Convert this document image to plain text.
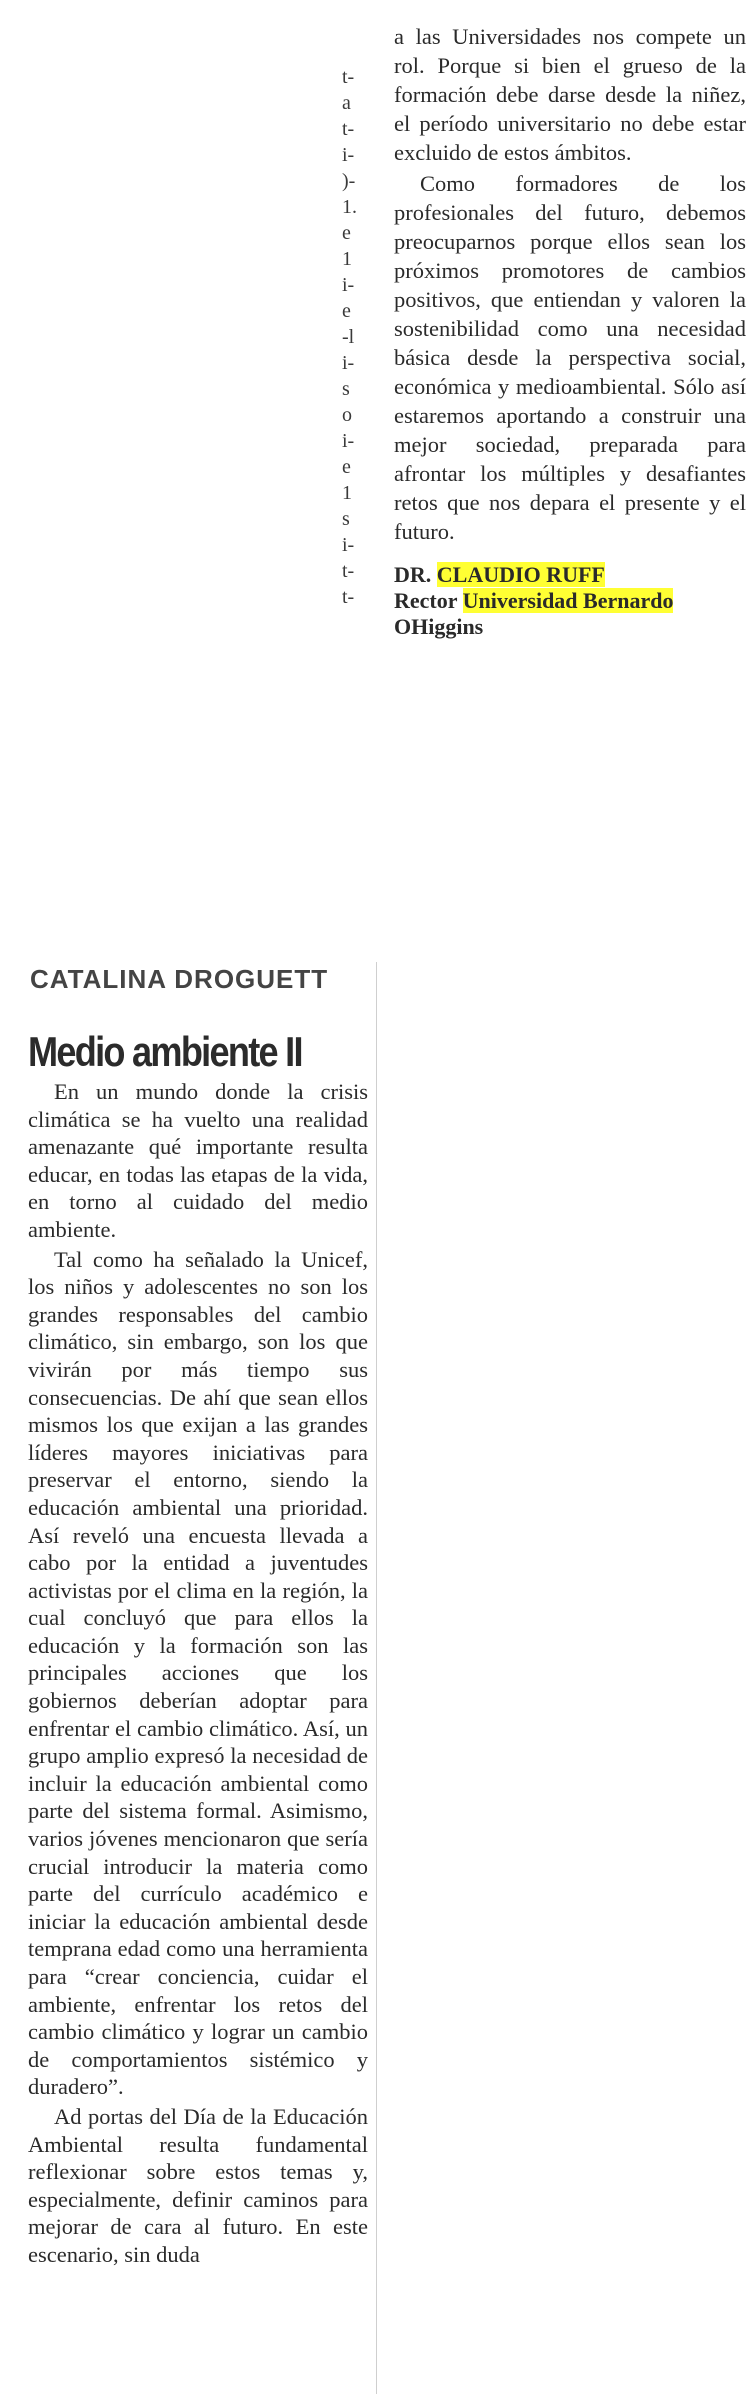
t-
a
t-
i-
)-
1.
e
1
i-
e
-l
i-
s
o
i-
e
1
s
i-
t-
t-

a las Universidades nos compete un rol. Porque si bien el grueso de la formación debe darse desde la niñez, el período universitario no debe estar excluido de estos ámbitos.

Como formadores de los profesionales del futuro, debemos preocuparnos porque ellos sean los próximos promotores de cambios positivos, que entiendan y valoren la sostenibilidad como una necesidad básica desde la perspectiva social, económica y medioambiental. Sólo así estaremos aportando a construir una mejor sociedad, preparada para afrontar los múltiples y desafiantes retos que nos depara el presente y el futuro.

DR. CLAUDIO RUFF
Rector Universidad Bernardo
OHiggins
CATALINA DROGUETT
Medio ambiente II

En un mundo donde la crisis climática se ha vuelto una realidad amenazante qué importante resulta educar, en todas las etapas de la vida, en torno al cuidado del medio ambiente.

Tal como ha señalado la Unicef, los niños y adolescentes no son los grandes responsables del cambio climático, sin embargo, son los que vivirán por más tiempo sus consecuencias. De ahí que sean ellos mismos los que exijan a las grandes líderes mayores iniciativas para preservar el entorno, siendo la educación ambiental una prioridad. Así reveló una encuesta llevada a cabo por la entidad a juventudes activistas por el clima en la región, la cual concluyó que para ellos la educación y la formación son las principales acciones que los gobiernos deberían adoptar para enfrentar el cambio climático. Así, un grupo amplio expresó la necesidad de incluir la educación ambiental como parte del sistema formal. Asimismo, varios jóvenes mencionaron que sería crucial introducir la materia como parte del currículo académico e iniciar la educación ambiental desde temprana edad como una herramienta para “crear conciencia, cuidar el ambiente, enfrentar los retos del cambio climático y lograr un cambio de comportamientos sistémico y duradero”.

Ad portas del Día de la Educación Ambiental resulta fundamental reflexionar sobre estos temas y, especialmente, definir caminos para mejorar de cara al futuro. En este escenario, sin duda
